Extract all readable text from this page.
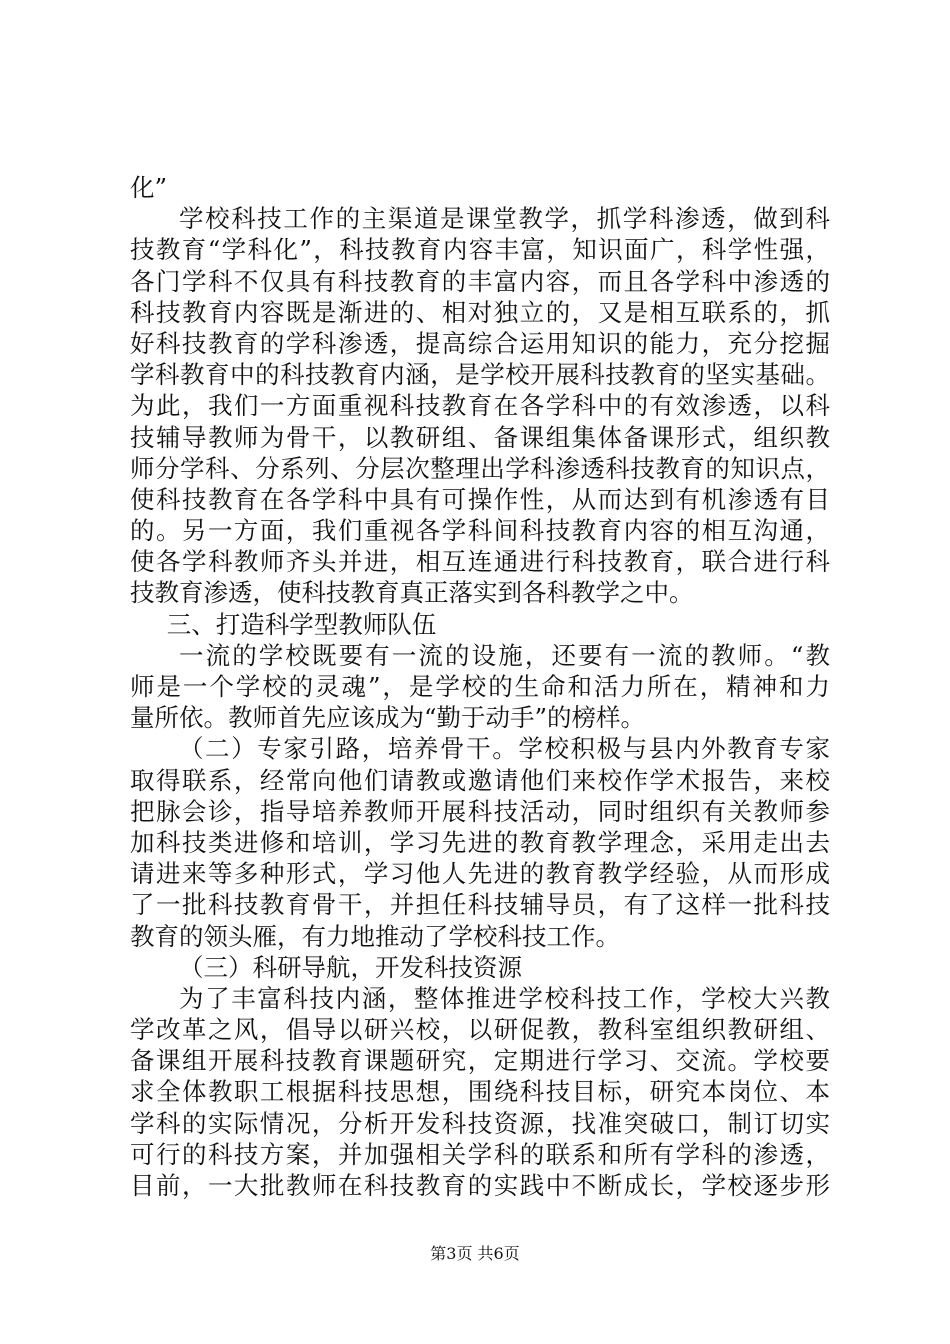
化”
学校科技工作的主渠道是课堂教学，抓学科渗透，做到科
技教育“学科化”，科技教育内容丰富，知识面广，科学性强，
各门学科不仅具有科技教育的丰富内容，而且各学科中渗透的
科技教育内容既是渐进的、相对独立的，又是相互联系的，抓
好科技教育的学科渗透，提高综合运用知识的能力，充分挖掘
学科教育中的科技教育内涵，是学校开展科技教育的坚实基础。
为此，我们一方面重视科技教育在各学科中的有效渗透，以科
技辅导教师为骨干，以教研组、备课组集体备课形式，组织教
师分学科、分系列、分层次整理出学科渗透科技教育的知识点，
使科技教育在各学科中具有可操作性，从而达到有机渗透有目
的。另一方面，我们重视各学科间科技教育内容的相互沟通，
使各学科教师齐头并进，相互连通进行科技教育，联合进行科
技教育渗透，使科技教育真正落实到各科教学之中。
三、打造科学型教师队伍
一流的学校既要有一流的设施，还要有一流的教师。“教
师是一个学校的灵魂”，是学校的生命和活力所在，精神和力
量所依。教师首先应该成为“勤于动手”的榜样。
（二）专家引路，培养骨干。学校积极与县内外教育专家
取得联系，经常向他们请教或邀请他们来校作学术报告，来校
把脉会诊，指导培养教师开展科技活动，同时组织有关教师参
加科技类进修和培训，学习先进的教育教学理念，采用走出去
请进来等多种形式，学习他人先进的教育教学经验，从而形成
了一批科技教育骨干，并担任科技辅导员，有了这样一批科技
教育的领头雁，有力地推动了学校科技工作。
（三）科研导航，开发科技资源
为了丰富科技内涵，整体推进学校科技工作，学校大兴教
学改革之风，倡导以研兴校，以研促教，教科室组织教研组、
备课组开展科技教育课题研究，定期进行学习、交流。学校要
求全体教职工根据科技思想，围绕科技目标，研究本岗位、本
学科的实际情况，分析开发科技资源，找准突破口，制订切实
可行的科技方案，并加强相关学科的联系和所有学科的渗透，
目前，一大批教师在科技教育的实践中不断成长，学校逐步形
第3页 共6页
